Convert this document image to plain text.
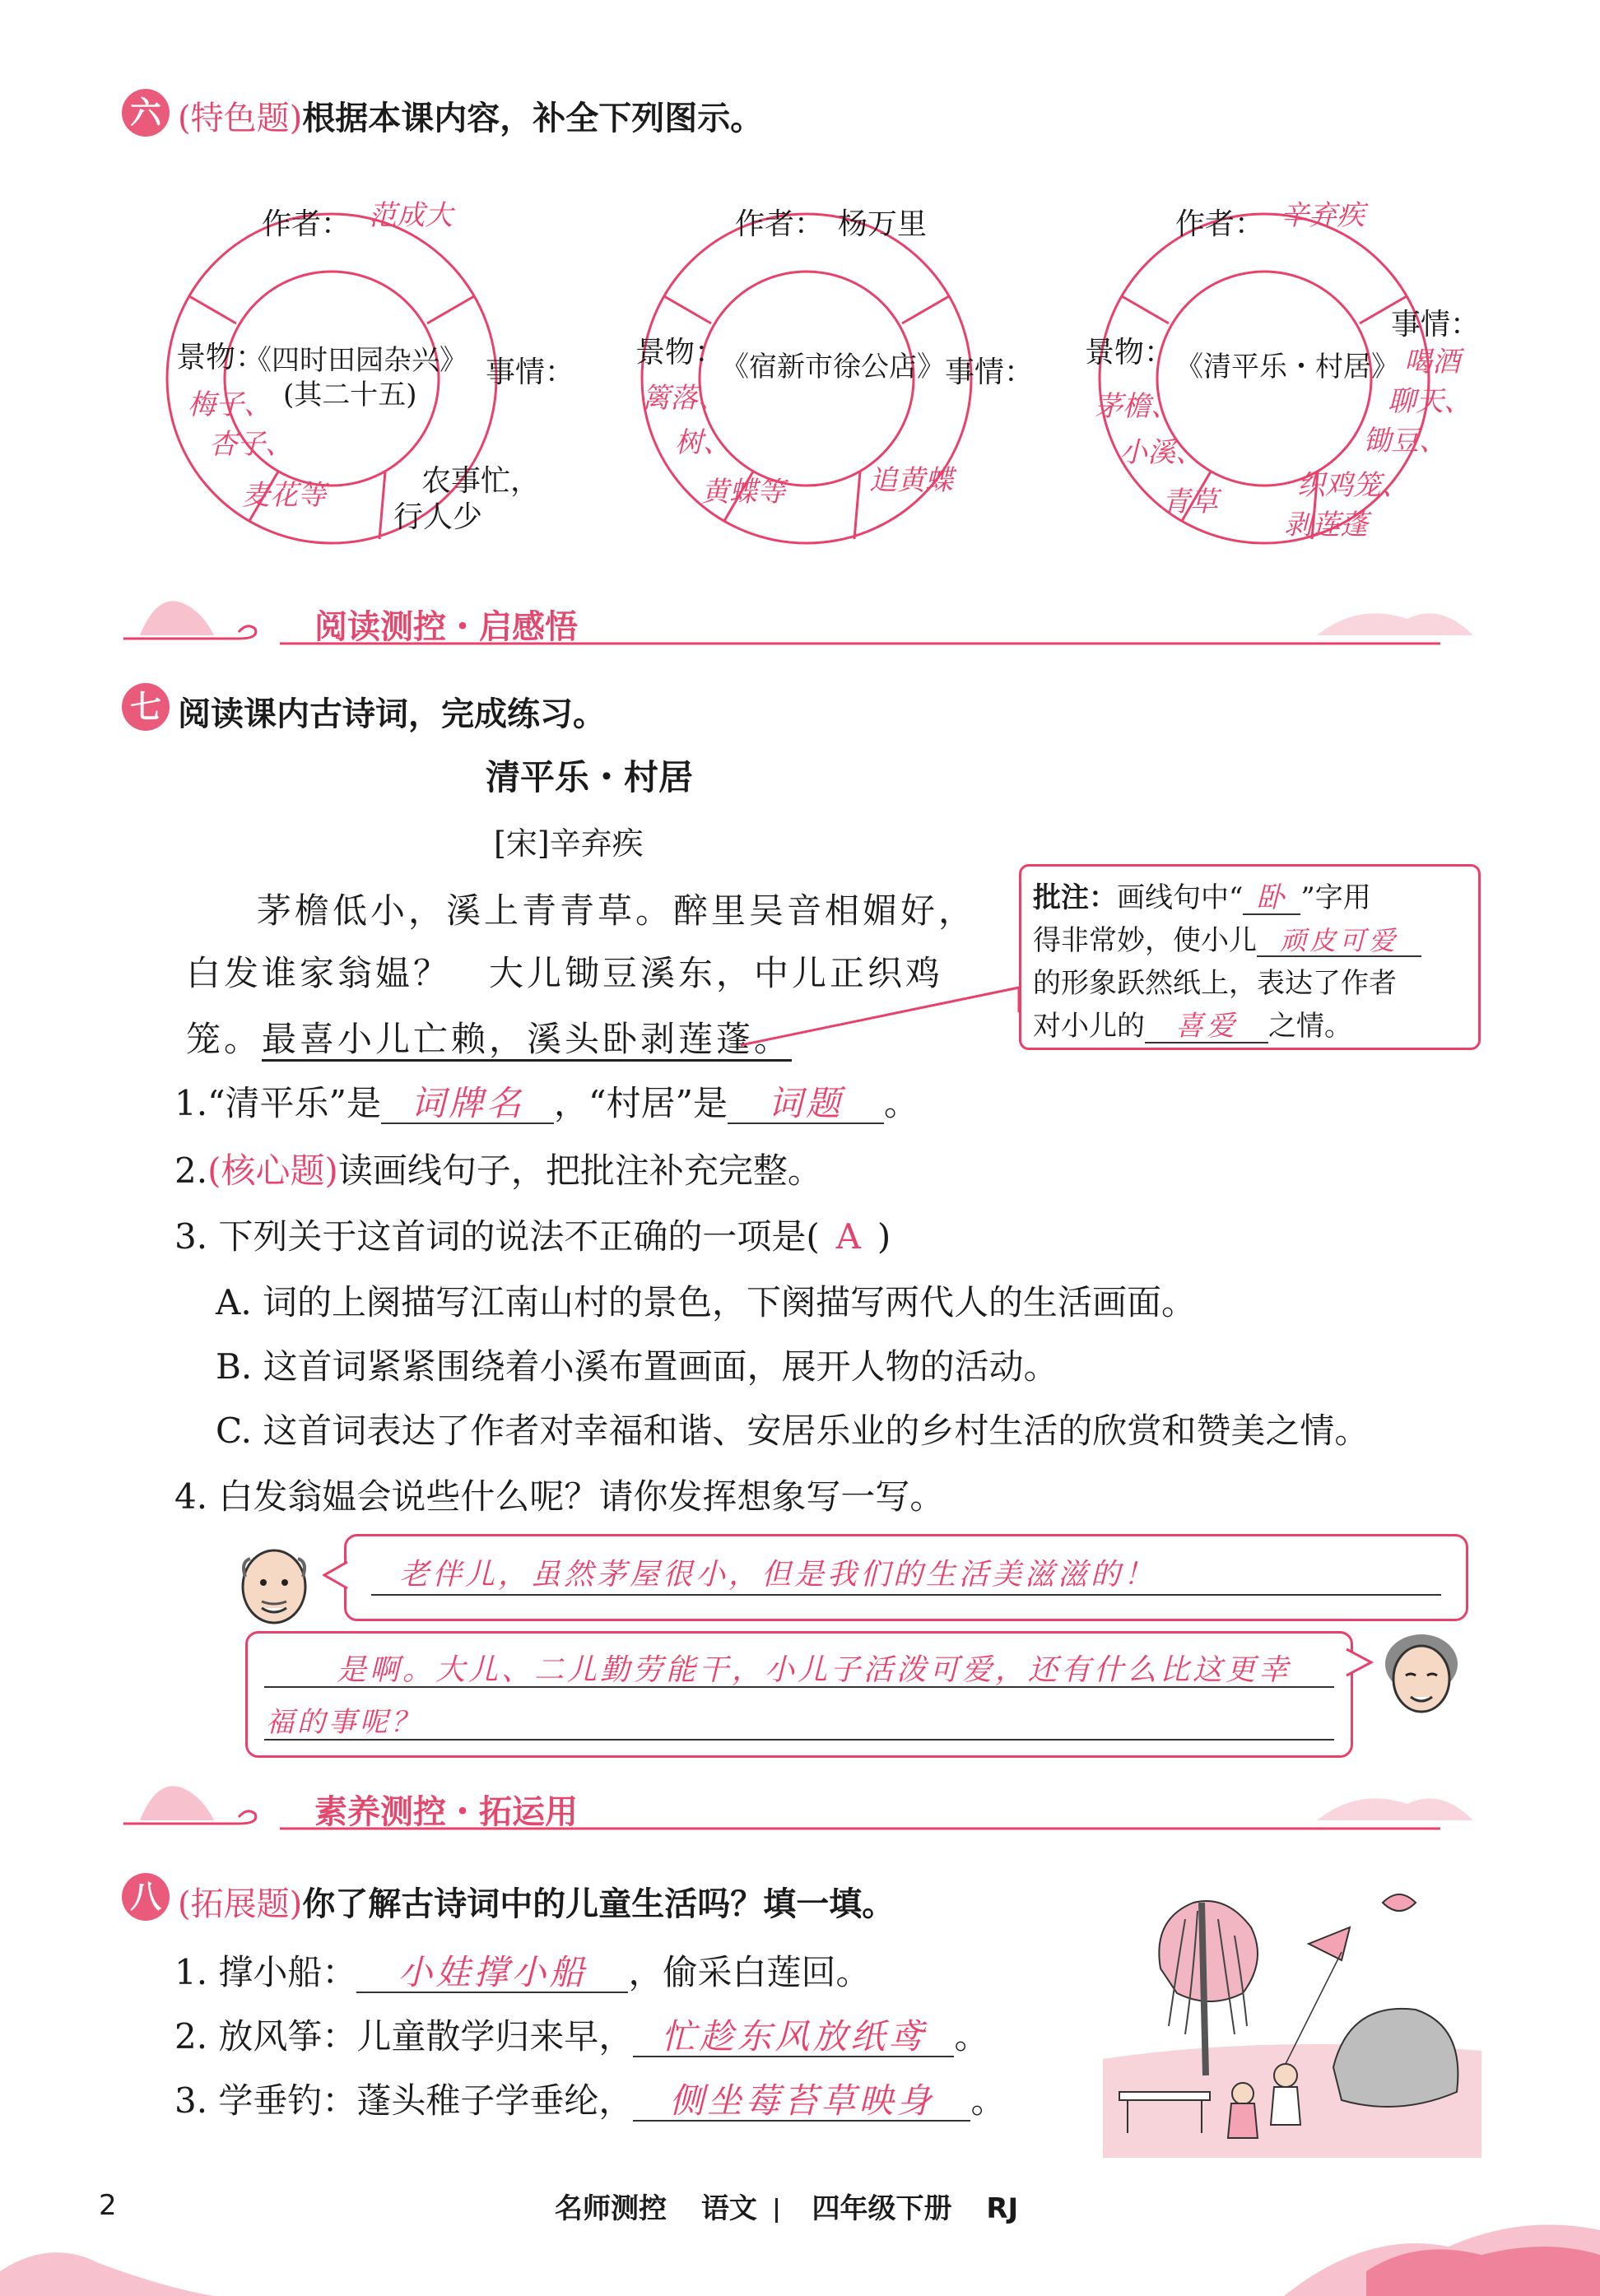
六 (特色题)根据本课内容，补全下列图示。
作者： 范成大
《四时田园杂兴》
(其二十五)
景物：
梅子、
杏子、
麦花等
事情：
农事忙，
行人少
作者： 杨万里
《宿新市徐公店》
景物：
篱落、
树、
黄蝶等
事情：
追黄蝶
作者： 辛弃疾
《清平乐・村居》
景物：
茅檐、
小溪、
青草
事情：
喝酒
聊天、
锄豆、
织鸡笼、
剥莲蓬
阅读测控・启感悟
七 阅读课内古诗词，完成练习。
清平乐・村居
[宋]辛弃疾
茅檐低小，溪上青青草。醉里吴音相媚好，
白发谁家翁媪？　大儿锄豆溪东，中儿正织鸡
笼。最喜小儿亡赖，溪头卧剥莲蓬。
批注：画线句中“ 卧 ”字用
得非常妙，使小儿 顽皮可爱
的形象跃然纸上，表达了作者
对小儿的 喜爱 之情。
1.“清平乐”是 词牌名 ，“村居”是 词题 。
2.(核心题)读画线句子，把批注补充完整。
3. 下列关于这首词的说法不正确的一项是( A )
A. 词的上阕描写江南山村的景色，下阕描写两代人的生活画面。
B. 这首词紧紧围绕着小溪布置画面，展开人物的活动。
C. 这首词表达了作者对幸福和谐、安居乐业的乡村生活的欣赏和赞美之情。
4. 白发翁媪会说些什么呢？请你发挥想象写一写。
老伴儿，虽然茅屋很小，但是我们的生活美滋滋的！
是啊。大儿、二儿勤劳能干，小儿子活泼可爱，还有什么比这更幸
福的事呢？
素养测控・拓运用
八 (拓展题)你了解古诗词中的儿童生活吗？填一填。
1. 撑小船： 小娃撑小船 ，偷采白莲回。
2. 放风筝：儿童散学归来早， 忙趁东风放纸鸢 。
3. 学垂钓：蓬头稚子学垂纶， 侧坐莓苔草映身 。
2	名师测控 语文 四年级下册 RJ
